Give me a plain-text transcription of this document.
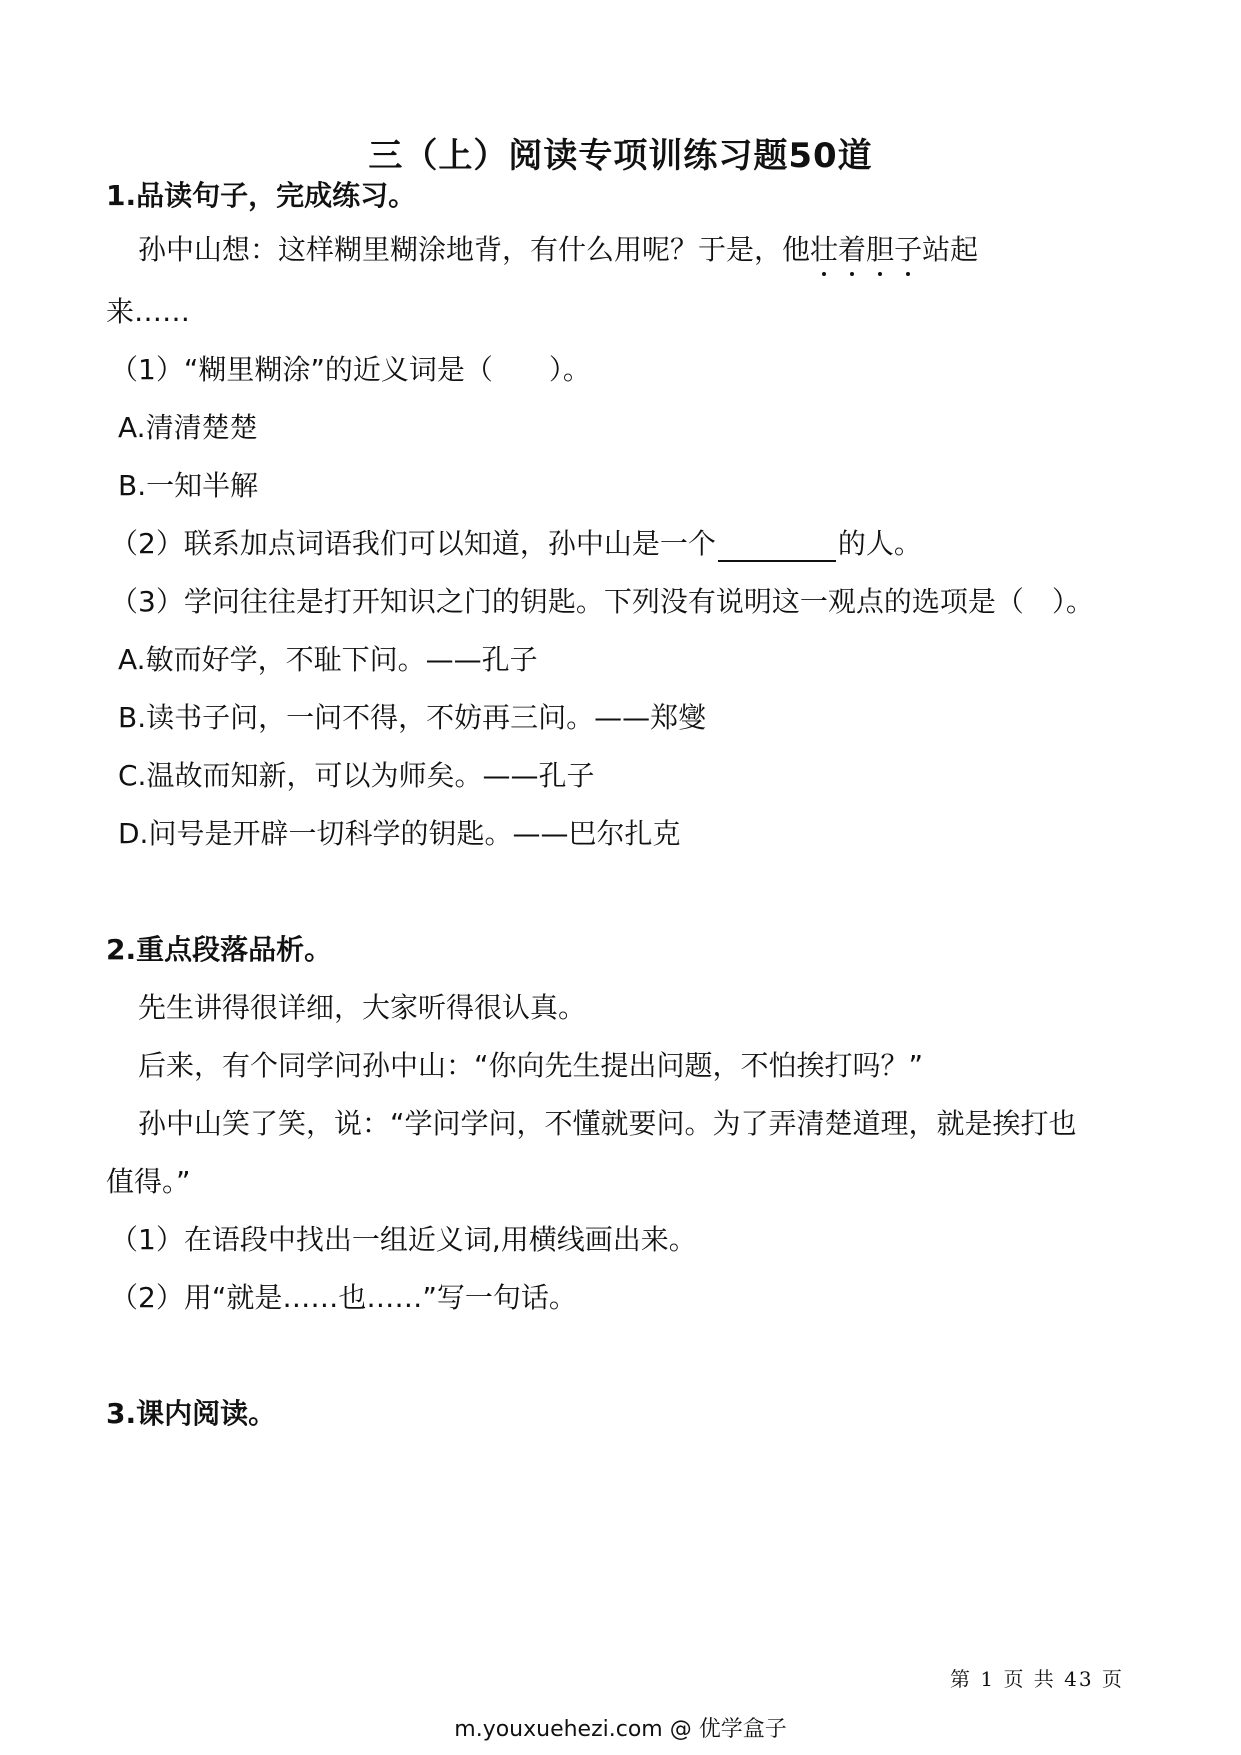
三（上）阅读专项训练习题50道
1.品读句子，完成练习。
孙中山想：这样糊里糊涂地背，有什么用呢？于是，他壮着胆子站起
来……
（1）“糊里糊涂”的近义词是（　　）。
A.清清楚楚
B.一知半解
（2）联系加点词语我们可以知道，孙中山是一个	的人。
（3）学问往往是打开知识之门的钥匙。下列没有说明这一观点的选项是（　）。
A.敏而好学，不耻下问。——孔子
B.读书子问，一问不得，不妨再三问。——郑燮
C.温故而知新，可以为师矣。——孔子
D.问号是开辟一切科学的钥匙。——巴尔扎克
2.重点段落品析。
先生讲得很详细，大家听得很认真。
后来，有个同学问孙中山：“你向先生提出问题，不怕挨打吗？”
孙中山笑了笑，说：“学问学问，不懂就要问。为了弄清楚道理，就是挨打也
值得。”
（1）在语段中找出一组近义词,用横线画出来。
（2）用“就是……也……”写一句话。
3.课内阅读。
第 1 页 共 43 页
m.youxuehezi.com @ 优学盒子
